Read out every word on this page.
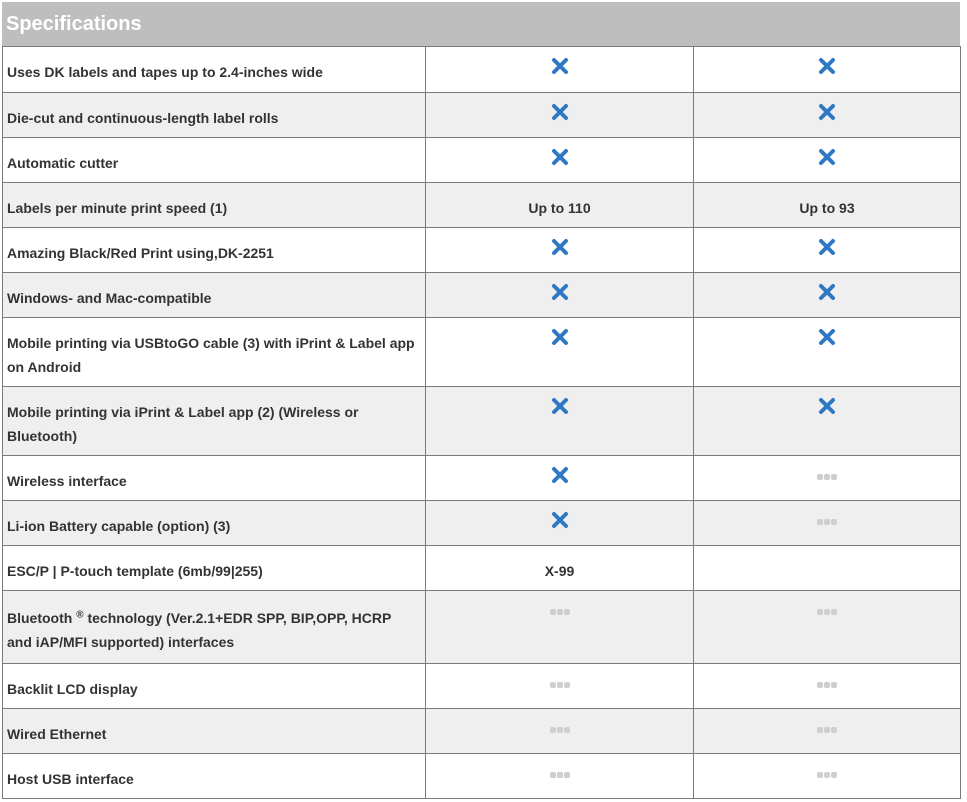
Specifications
Uses DK labels and tapes up to 2.4-inches wide		
Die-cut and continuous-length label rolls		
Automatic cutter		
Labels per minute print speed (1)	Up to 110	Up to 93
Amazing Black/Red Print using,DK-2251		
Windows- and Mac-compatible		
Mobile printing via USBtoGO cable (3) with iPrint & Label app on Android		
Mobile printing via iPrint & Label app (2) (Wireless or Bluetooth)		
Wireless interface		
Li-ion Battery capable (option) (3)		
ESC/P | P-touch template (6mb/99|255)	X-99	
Bluetooth ® technology (Ver.2.1+EDR SPP, BIP,OPP, HCRP and iAP/MFI supported) interfaces		
Backlit LCD display		
Wired Ethernet		
Host USB interface		
